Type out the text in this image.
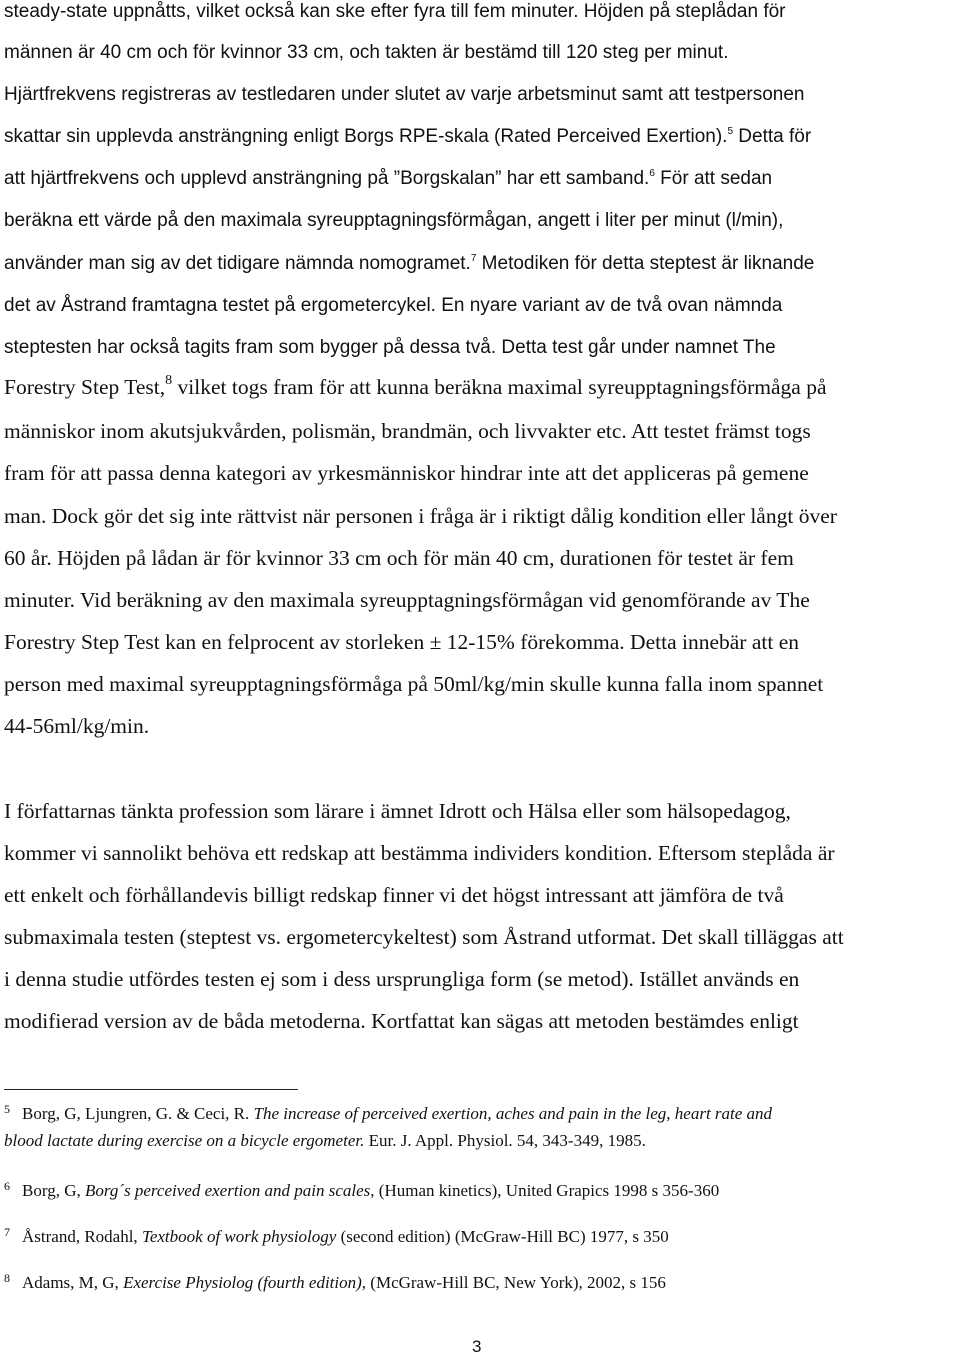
steady-state uppnåtts, vilket också kan ske efter fyra till fem minuter. Höjden på steplådan för
männen är 40 cm och för kvinnor 33 cm, och takten är bestämd till 120 steg per minut.
Hjärtfrekvens registreras av testledaren under slutet av varje arbetsminut samt att testpersonen
skattar sin upplevda ansträngning enligt Borgs RPE-skala (Rated Perceived Exertion).$^5$ Detta för
att hjärtfrekvens och upplevd ansträngning på ”Borgskalan” har ett samband.$^6$ För att sedan
beräkna ett värde på den maximala syreupptagningsförmågan, angett i liter per minut (l/min),
använder man sig av det tidigare nämnda nomogramet.$^7$ Metodiken för detta steptest är liknande
det av Åstrand framtagna testet på ergometercykel. En nyare variant av de två ovan nämnda
steptesten har också tagits fram som bygger på dessa två. Detta test går under namnet The
Forestry Step Test,$^8$ vilket togs fram för att kunna beräkna maximal syreupptagningsförmåga på
människor inom akutsjukvården, polismän, brandmän, och livvakter etc. Att testet främst togs
fram för att passa denna kategori av yrkesmänniskor hindrar inte att det appliceras på gemene
man. Dock gör det sig inte rättvist när personen i fråga är i riktigt dålig kondition eller långt över
60 år. Höjden på lådan är för kvinnor 33 cm och för män 40 cm, durationen för testet är fem
minuter. Vid beräkning av den maximala syreupptagningsförmågan vid genomförande av The
Forestry Step Test kan en felprocent av storleken ± 12-15% förekomma. Detta innebär att en
person med maximal syreupptagningsförmåga på 50ml/kg/min skulle kunna falla inom spannet
44-56ml/kg/min.
I författarnas tänkta profession som lärare i ämnet Idrott och Hälsa eller som hälsopedagog,
kommer vi sannolikt behöva ett redskap att bestämma individers kondition. Eftersom steplåda är
ett enkelt och förhållandevis billigt redskap finner vi det högst intressant att jämföra de två
submaximala testen (steptest vs. ergometercykeltest) som Åstrand utformat. Det skall tilläggas att
i denna studie utfördes testen ej som i dess ursprungliga form (se metod). Istället används en
modifierad version av de båda metoderna. Kortfattat kan sägas att metoden bestämdes enligt
$^5$ Borg, G, Ljungren, G. & Ceci, R. The increase of perceived exertion, aches and pain in the leg, heart rate and
blood lactate during exercise on a bicycle ergometer. Eur. J. Appl. Physiol. 54, 343-349, 1985.
$^6$ Borg, G, Borg´s perceived exertion and pain scales, (Human kinetics), United Grapics 1998 s 356-360
$^7$ Åstrand, Rodahl, Textbook of work physiology (second edition) (McGraw-Hill BC) 1977, s 350
$^8$ Adams, M, G, Exercise Physiolog (fourth edition), (McGraw-Hill BC, New York), 2002, s 156
3
